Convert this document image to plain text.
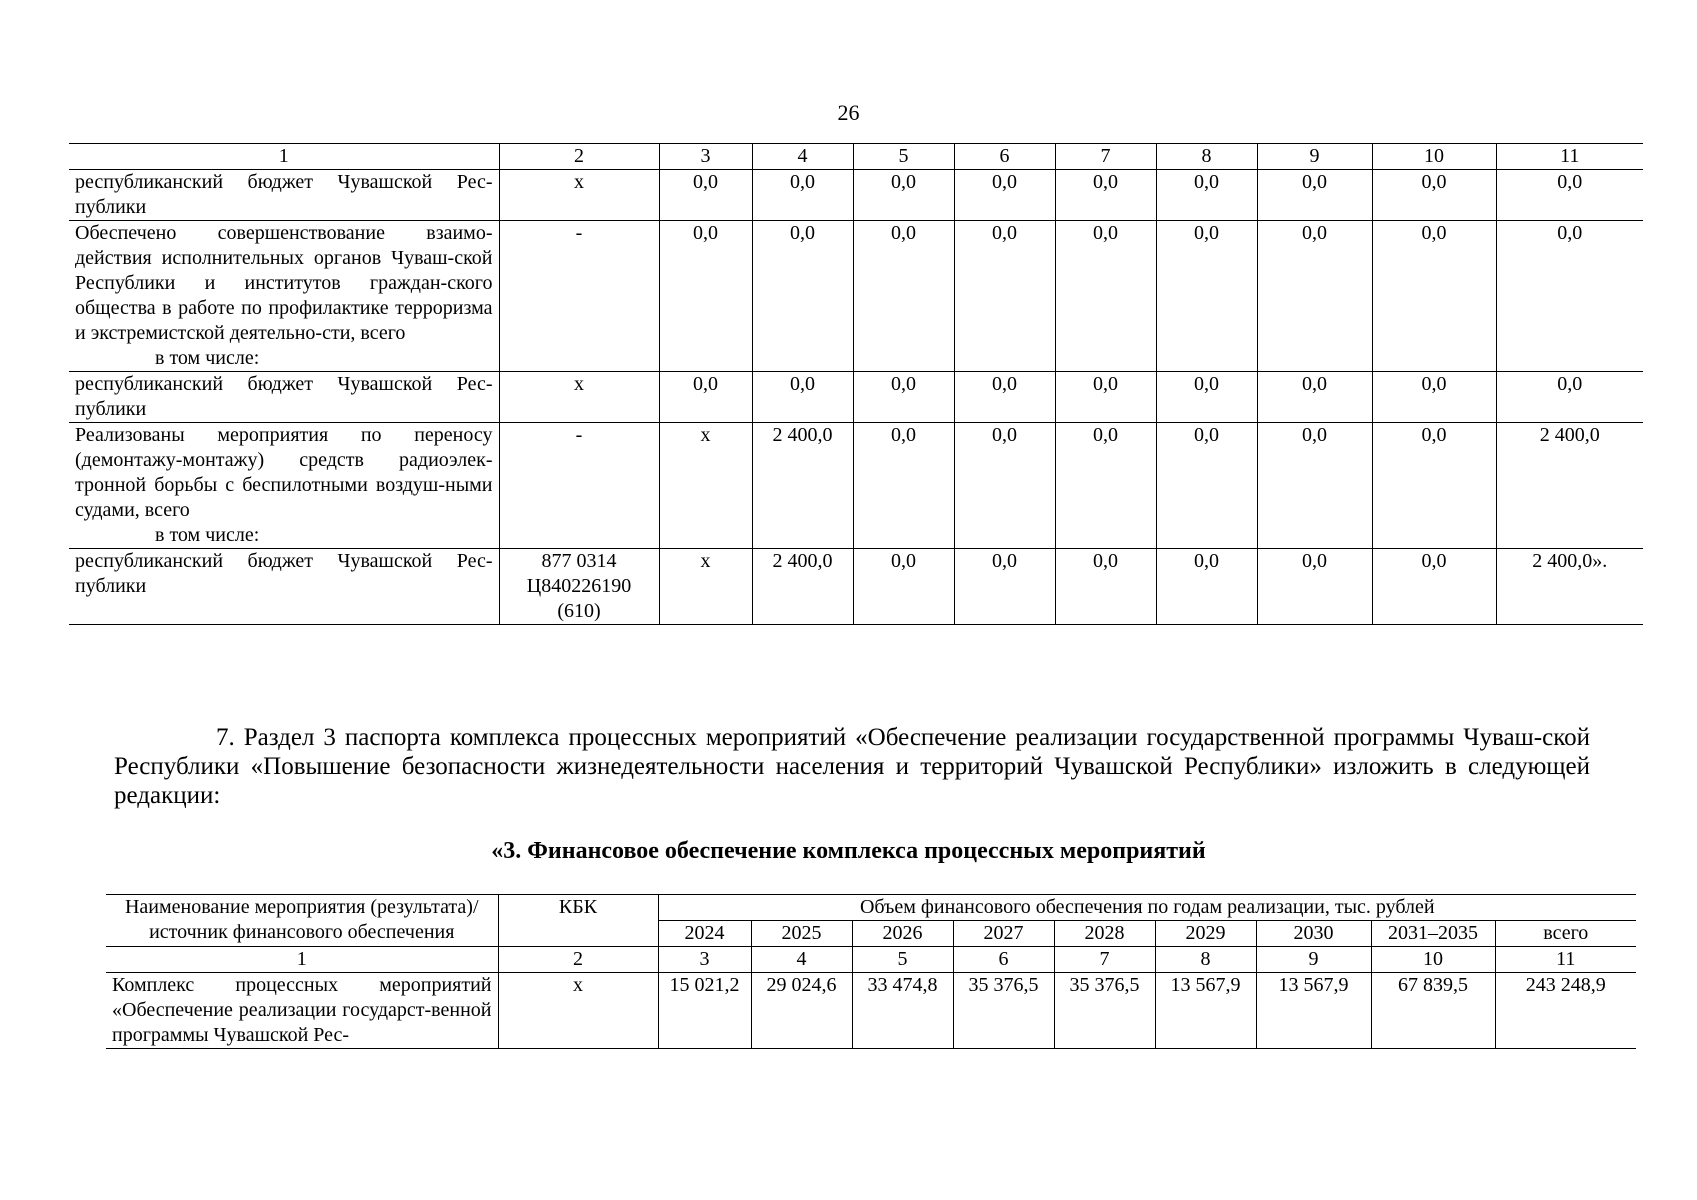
26
1	2	3	4	5	6	7	8	9	10	11

республиканский бюджет Чувашской Рес-публики	x	0,0	0,0	0,0	0,0	0,0	0,0	0,0	0,0	0,0

Обеспечено совершенствование взаимо-действия исполнительных органов Чуваш-ской Республики и институтов граждан-ского общества в работе по профилактике терроризма и экстремистской деятельно-сти, всего
в том числе:	-	0,0	0,0	0,0	0,0	0,0	0,0	0,0	0,0	0,0

республиканский бюджет Чувашской Рес-публики	x	0,0	0,0	0,0	0,0	0,0	0,0	0,0	0,0	0,0

Реализованы мероприятия по переносу (демонтажу-монтажу) средств радиоэлек-тронной борьбы с беспилотными воздуш-ными судами, всего
в том числе:	-	x	2 400,0	0,0	0,0	0,0	0,0	0,0	0,0	2 400,0

республиканский бюджет Чувашской Рес-публики	877 0314 Ц840226190 (610)	x	2 400,0	0,0	0,0	0,0	0,0	0,0	0,0	2 400,0».
7. Раздел 3 паспорта комплекса процессных мероприятий «Обеспечение реализации государственной программы Чуваш-ской Республики «Повышение безопасности жизнедеятельности населения и территорий Чувашской Республики» изложить в следующей редакции:
«3. Финансовое обеспечение комплекса процессных мероприятий
Наименование мероприятия (результата)/источник финансового обеспечения	КБК	Объем финансового обеспечения по годам реализации, тыс. рублей								
		2024	2025	2026	2027	2028	2029	2030	2031–2035	всего
1	2	3	4	5	6	7	8	9	10	11
Комплекс процессных мероприятий «Обеспечение реализации государст-венной программы Чувашской Рес-	x	15 021,2	29 024,6	33 474,8	35 376,5	35 376,5	13 567,9	13 567,9	67 839,5	243 248,9
